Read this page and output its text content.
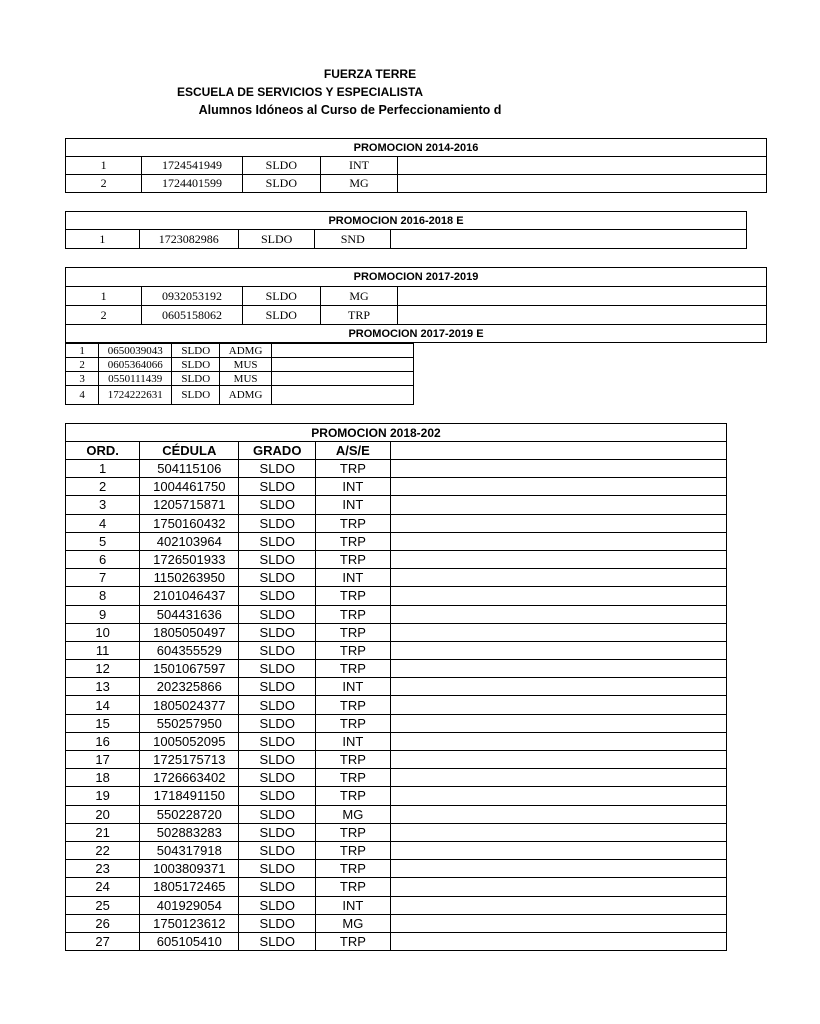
FUERZA TERRE
ESCUELA DE SERVICIOS Y ESPECIALISTA
Alumnos Idóneos al Curso de Perfeccionamiento d
PROMOCION 2014-2016				
1	1724541949	SLDO	INT	
2	1724401599	SLDO	MG	
PROMOCION 2016-2018 E
1	1723082986	SLDO	SND	
PROMOCION 2017-2019				
1	0932053192	SLDO	MG	
2	0605158062	SLDO	TRP	
PROMOCION 2017-2019 E				
1	0650039043	SLDO	ADMG	
2	0605364066	SLDO	MUS	
3	0550111439	SLDO	MUS	
4	1724222631	SLDO	ADMG	
PROMOCION 2018-202				
ORD.	CÉDULA	GRADO	A/S/E	
1	504115106	SLDO	TRP	
2	1004461750	SLDO	INT	
3	1205715871	SLDO	INT	
4	1750160432	SLDO	TRP	
5	402103964	SLDO	TRP	
6	1726501933	SLDO	TRP	
7	1150263950	SLDO	INT	
8	2101046437	SLDO	TRP	
9	504431636	SLDO	TRP	
10	1805050497	SLDO	TRP	
11	604355529	SLDO	TRP	
12	1501067597	SLDO	TRP	
13	202325866	SLDO	INT	
14	1805024377	SLDO	TRP	
15	550257950	SLDO	TRP	
16	1005052095	SLDO	INT	
17	1725175713	SLDO	TRP	
18	1726663402	SLDO	TRP	
19	1718491150	SLDO	TRP	
20	550228720	SLDO	MG	
21	502883283	SLDO	TRP	
22	504317918	SLDO	TRP	
23	1003809371	SLDO	TRP	
24	1805172465	SLDO	TRP	
25	401929054	SLDO	INT	
26	1750123612	SLDO	MG	
27	605105410	SLDO	TRP	
